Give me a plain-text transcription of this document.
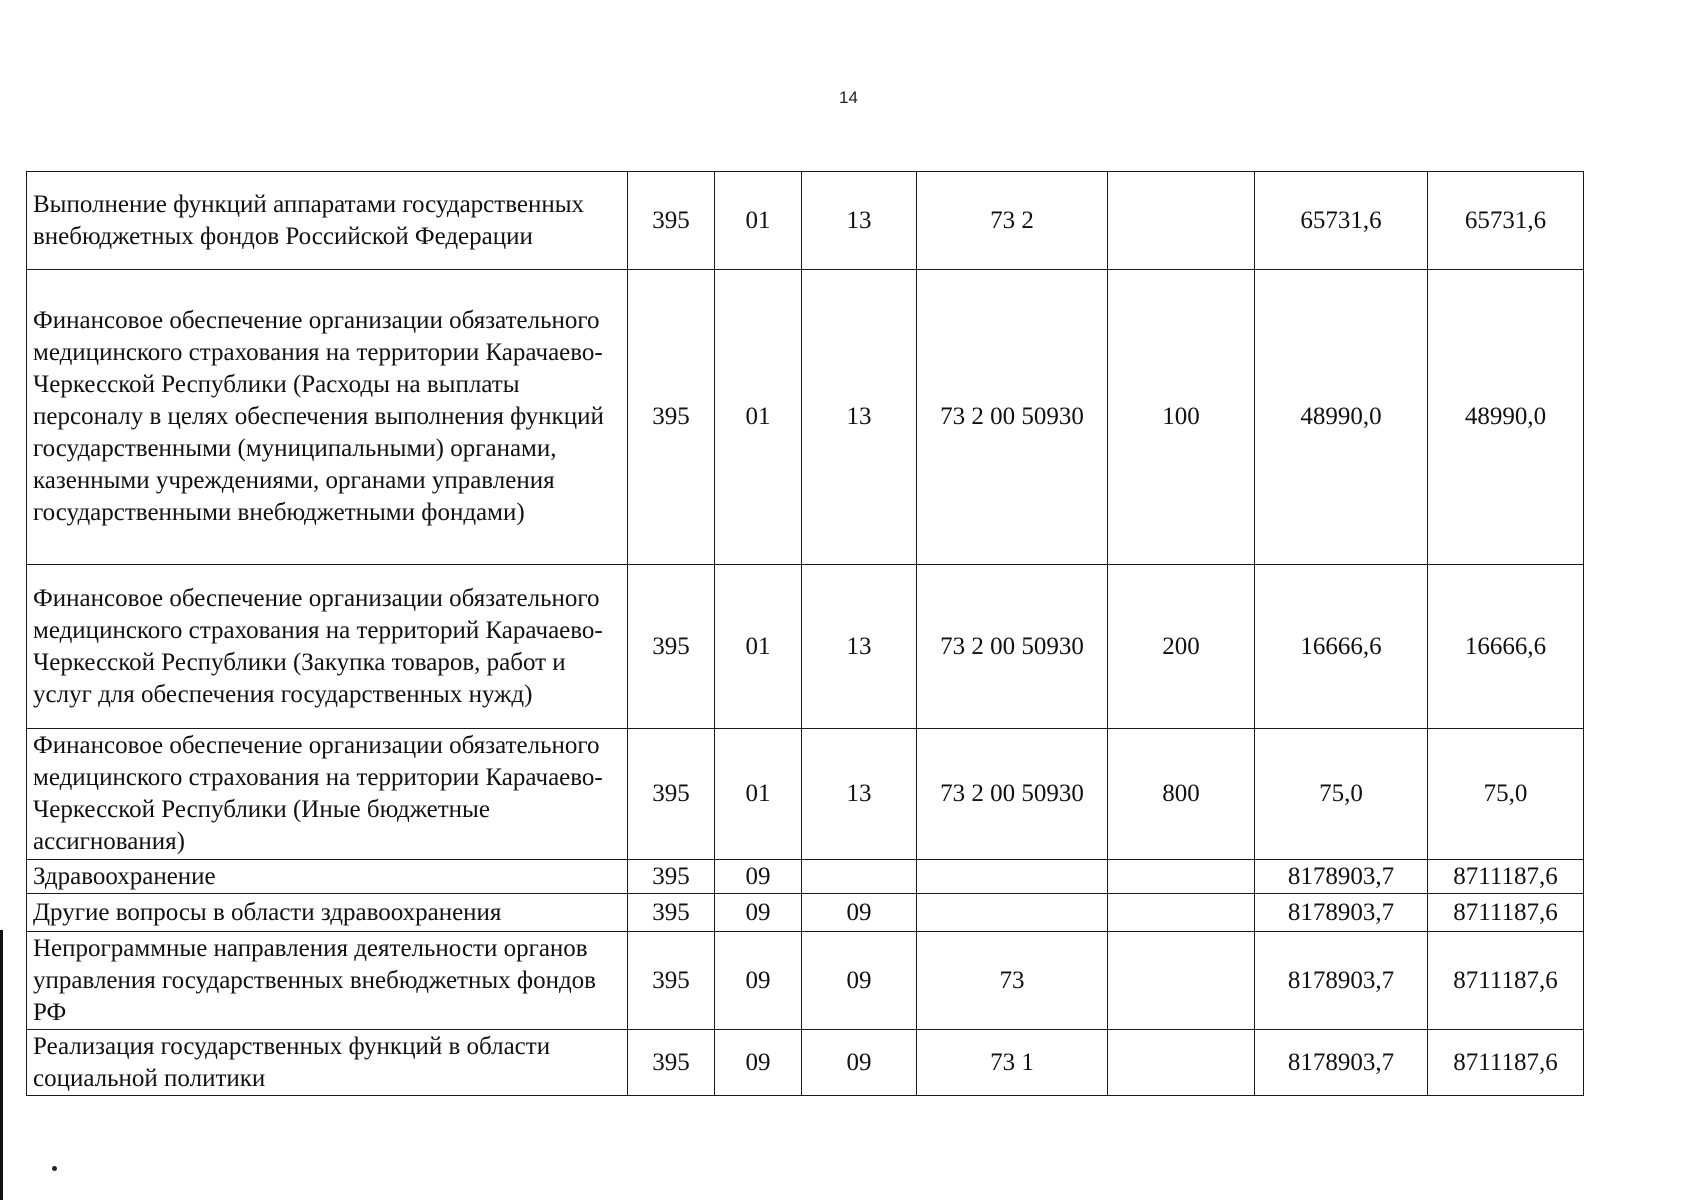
14
Выполнение функций аппаратами государственных внебюджетных фондов Российской Федерации	395	01	13	73 2		65731,6	65731,6
Финансовое обеспечение организации обязательного медицинского страхования на территории Карачаево-Черкесской Республики (Расходы на выплаты персоналу в целях обеспечения выполнения функций государственными (муниципальными) органами, казенными учреждениями, органами управления государственными внебюджетными фондами)	395	01	13	73 2 00 50930	100	48990,0	48990,0
Финансовое обеспечение организации обязательного медицинского страхования на территорий Карачаево-Черкесской Республики (Закупка товаров, работ и услуг для обеспечения государственных нужд)	395	01	13	73 2 00 50930	200	16666,6	16666,6
Финансовое обеспечение организации обязательного медицинского страхования на территории Карачаево-Черкесской Республики (Иные бюджетные ассигнования)	395	01	13	73 2 00 50930	800	75,0	75,0
Здравоохранение	395	09				8178903,7	8711187,6
Другие вопросы в области здравоохранения	395	09	09			8178903,7	8711187,6
Непрограммные направления деятельности органов управления государственных внебюджетных фондов РФ	395	09	09	73		8178903,7	8711187,6
Реализация государственных функций в области социальной политики	395	09	09	73 1		8178903,7	8711187,6
